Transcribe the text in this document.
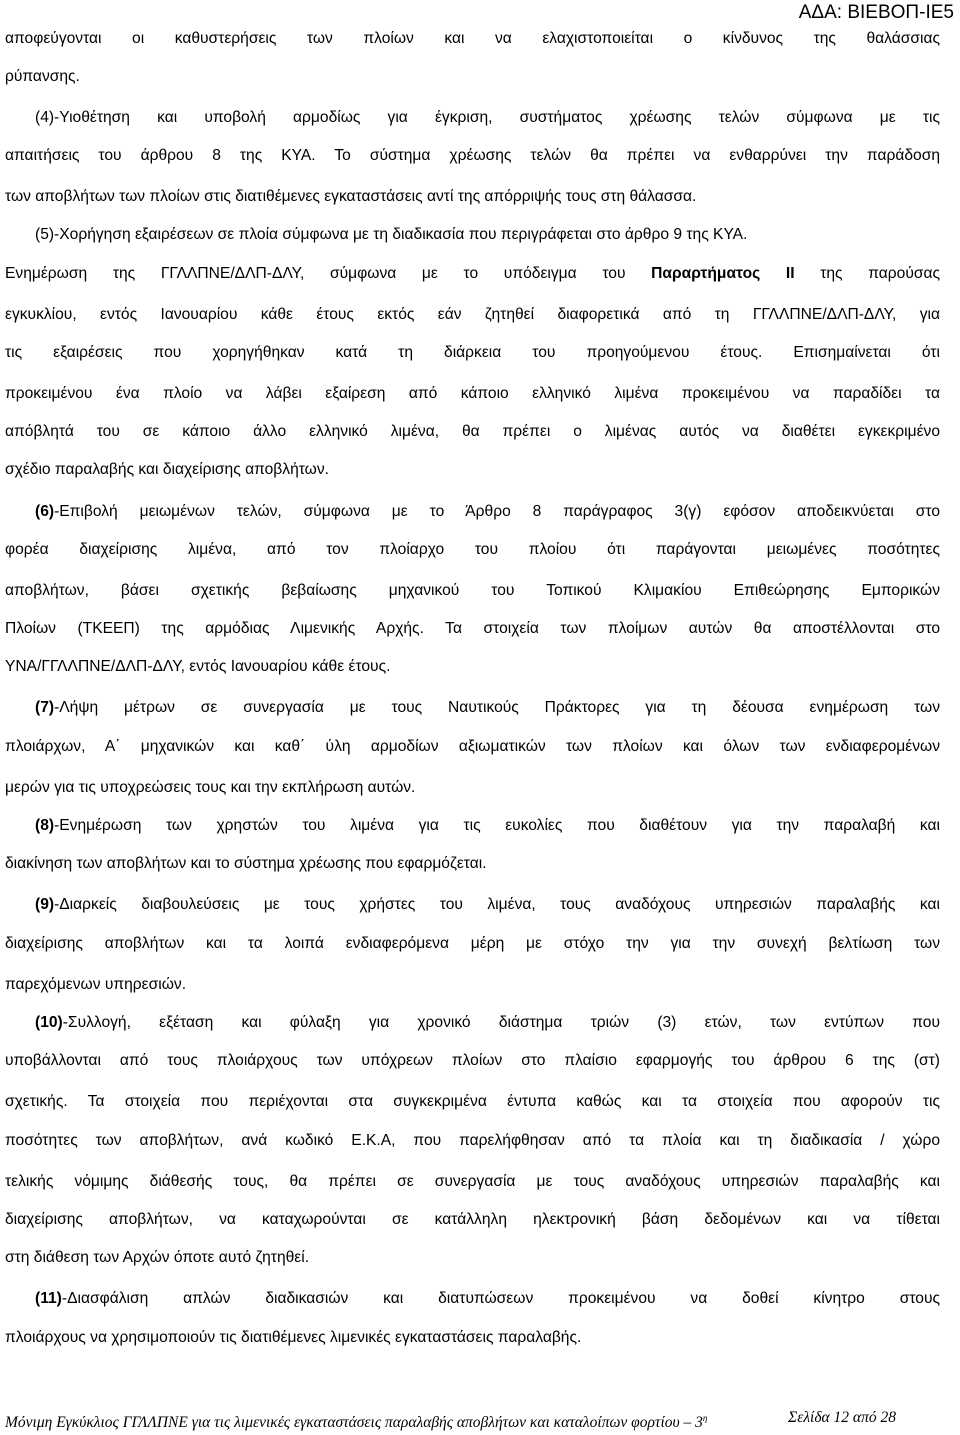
ΑΔΑ: ΒΙΕΒΟΠ-ΙΕ5
αποφεύγονται οι καθυστερήσεις των πλοίων και να ελαχιστοποιείται ο κίνδυνος της θαλάσσιας
ρύπανσης.
(4)-Υιοθέτηση και υποβολή αρμοδίως για έγκριση, συστήματος χρέωσης τελών σύμφωνα με τις
απαιτήσεις του άρθρου 8 της ΚΥΑ. Το σύστημα χρέωσης τελών θα πρέπει να ενθαρρύνει την παράδοση
των αποβλήτων των πλοίων στις διατιθέμενες εγκαταστάσεις αντί της απόρριψής τους στη θάλασσα.
(5)-Χορήγηση εξαιρέσεων σε πλοία σύμφωνα με τη διαδικασία που περιγράφεται στο άρθρο 9 της ΚΥΑ.
Ενημέρωση της ΓΓΛΛΠΝΕ/ΔΛΠ-ΔΛΥ, σύμφωνα με το υπόδειγμα του Παραρτήματος ΙΙ της παρούσας
εγκυκλίου, εντός Ιανουαρίου κάθε έτους εκτός εάν ζητηθεί διαφορετικά από τη ΓΓΛΛΠΝΕ/ΔΛΠ-ΔΛΥ, για
τις εξαιρέσεις που χορηγήθηκαν κατά τη διάρκεια του προηγούμενου έτους. Επισημαίνεται ότι
προκειμένου ένα πλοίο να λάβει εξαίρεση από κάποιο ελληνικό λιμένα προκειμένου να παραδίδει τα
απόβλητά του σε κάποιο άλλο ελληνικό λιμένα, θα πρέπει ο λιμένας αυτός να διαθέτει εγκεκριμένο
σχέδιο παραλαβής και διαχείρισης αποβλήτων.
(6)-Επιβολή μειωμένων τελών, σύμφωνα με το Άρθρο 8 παράγραφος 3(γ) εφόσον αποδεικνύεται στο
φορέα διαχείρισης λιμένα, από τον πλοίαρχο του πλοίου ότι παράγονται μειωμένες ποσότητες
αποβλήτων, βάσει σχετικής βεβαίωσης μηχανικού του Τοπικού Κλιμακίου Επιθεώρησης Εμπορικών
Πλοίων (ΤΚΕΕΠ) της αρμόδιας Λιμενικής Αρχής. Τα στοιχεία των πλοίμων αυτών θα αποστέλλονται στο
ΥΝΑ/ΓΓΛΛΠΝΕ/ΔΛΠ-ΔΛΥ, εντός Ιανουαρίου κάθε έτους.
(7)-Λήψη μέτρων σε συνεργασία με τους Ναυτικούς Πράκτορες για τη δέουσα ενημέρωση των
πλοιάρχων, Α΄ μηχανικών και καθ΄ ύλη αρμοδίων αξιωματικών των πλοίων και όλων των ενδιαφερομένων
μερών για τις υποχρεώσεις τους και την εκπλήρωση αυτών.
(8)-Ενημέρωση των χρηστών του λιμένα για τις ευκολίες που διαθέτουν για την παραλαβή και
διακίνηση των αποβλήτων και το σύστημα χρέωσης που εφαρμόζεται.
(9)-Διαρκείς διαβουλεύσεις με τους χρήστες του λιμένα, τους αναδόχους υπηρεσιών παραλαβής και
διαχείρισης αποβλήτων και τα λοιπά ενδιαφερόμενα μέρη με στόχο την για την συνεχή βελτίωση των
παρεχόμενων υπηρεσιών.
(10)-Συλλογή, εξέταση και φύλαξη για χρονικό διάστημα τριών (3) ετών, των εντύπων που
υποβάλλονται από τους πλοιάρχους των υπόχρεων πλοίων στο πλαίσιο εφαρμογής του άρθρου 6 της (στ)
σχετικής. Τα στοιχεία που περιέχονται στα συγκεκριμένα έντυπα καθώς και τα στοιχεία που αφορούν τις
ποσότητες των αποβλήτων, ανά κωδικό Ε.Κ.Α, που παρελήφθησαν από τα πλοία και τη διαδικασία / χώρο
τελικής νόμιμης διάθεσής τους, θα πρέπει σε συνεργασία με τους αναδόχους υπηρεσιών παραλαβής και
διαχείρισης αποβλήτων, να καταχωρούνται σε κατάλληλη ηλεκτρονική βάση δεδομένων και να τίθεται
στη διάθεση των Αρχών όποτε αυτό ζητηθεί.
(11)-Διασφάλιση απλών διαδικασιών και διατυπώσεων προκειμένου να δοθεί κίνητρο στους
πλοιάρχους να χρησιμοποιούν τις διατιθέμενες λιμενικές εγκαταστάσεις παραλαβής.
Μόνιμη Εγκύκλιος ΓΓΛΛΠΝΕ για τις λιμενικές εγκαταστάσεις παραλαβής αποβλήτων και καταλοίπων φορτίου – $3^\eta$	Σελίδα 12 από 28
